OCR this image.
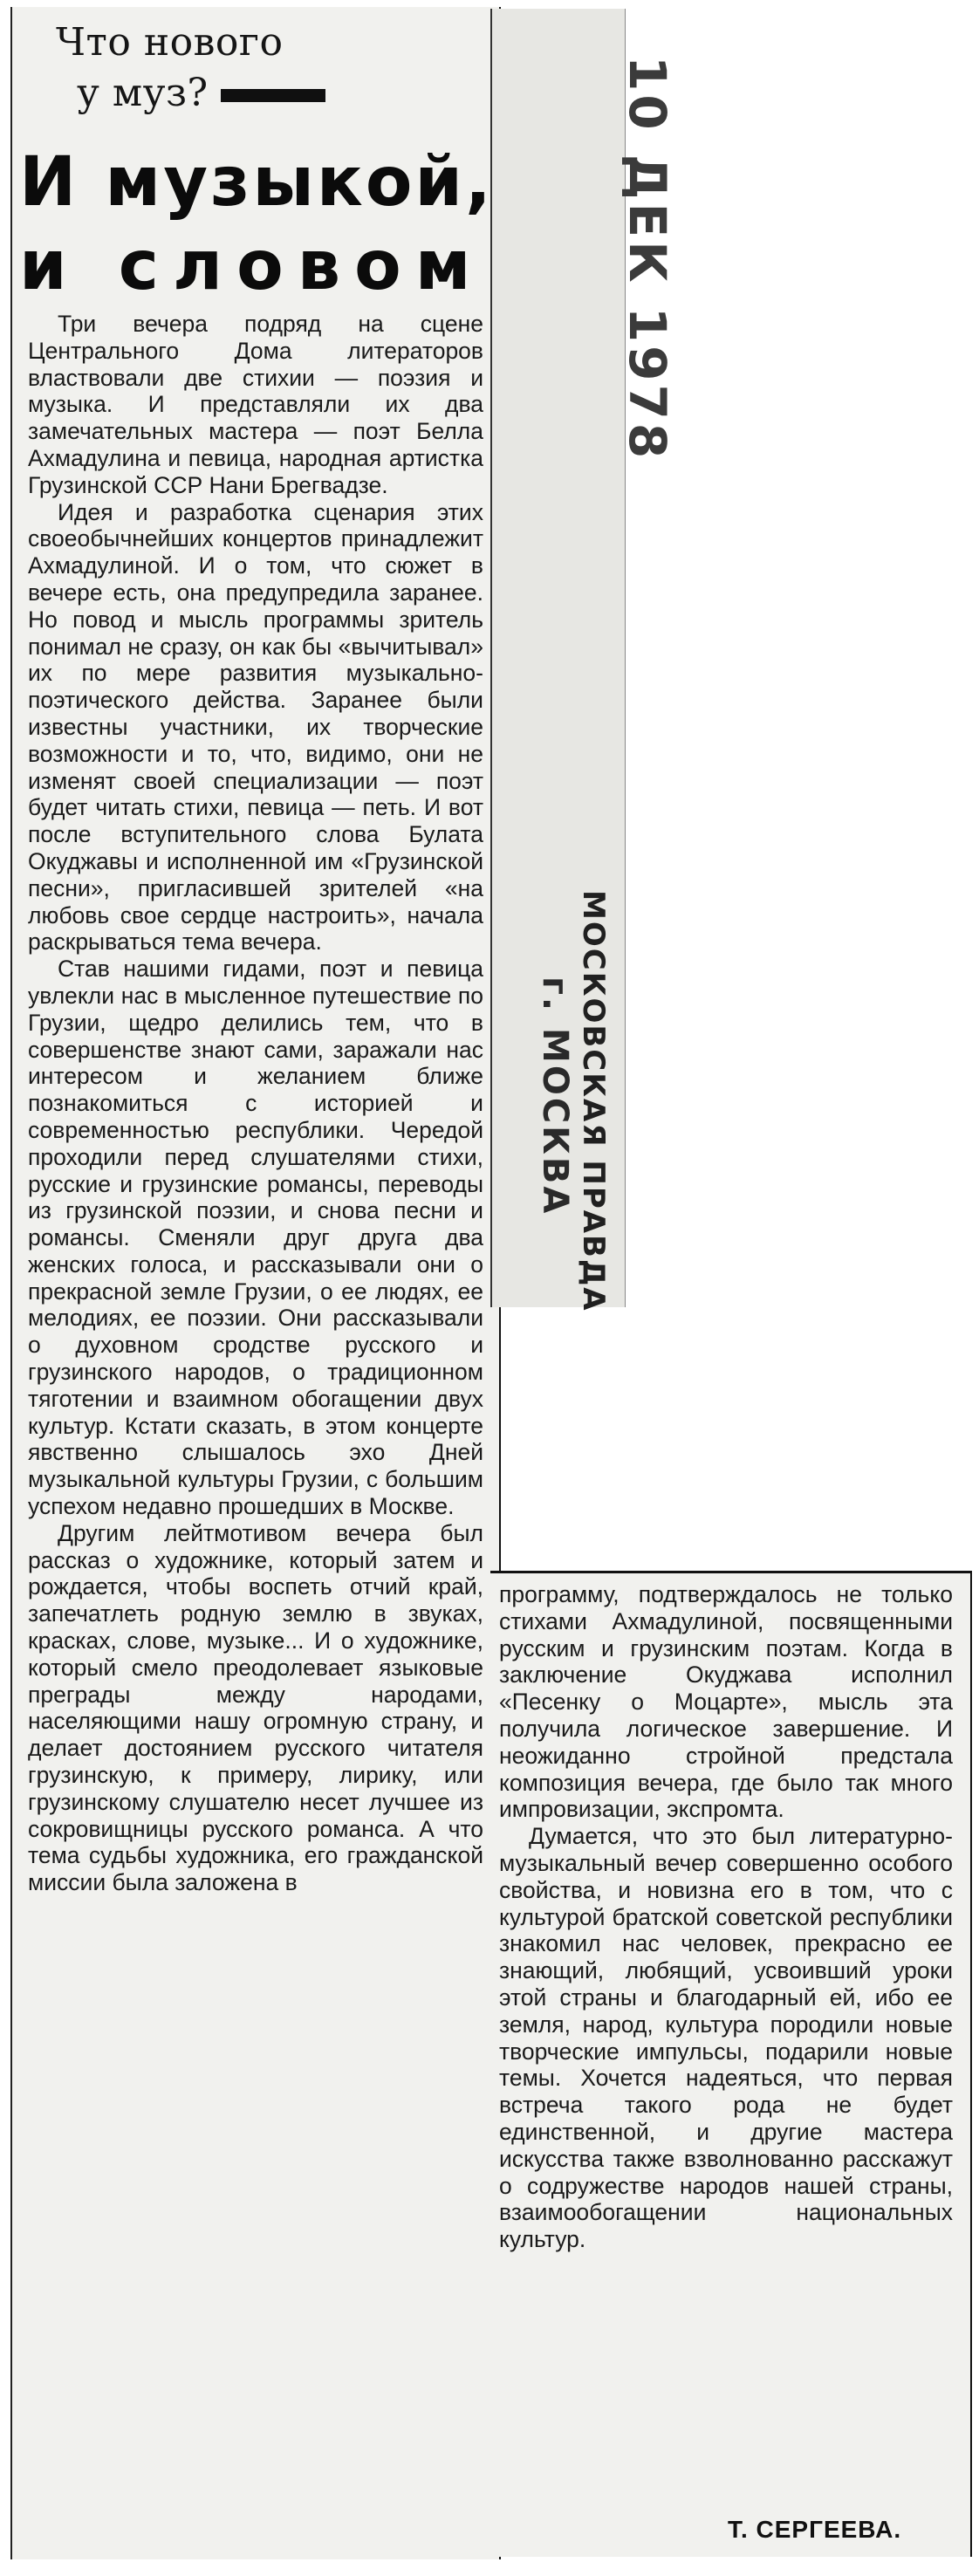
Что нового
у муз?
И музыкой,
и словом	10 ДЕК 1978
МОСКОВСКАЯ ПРАВДА
г. МОСКВА

Три вечера подряд на сцене Центрального Дома литераторов властвовали две стихии — поэзия и музыка. И представляли их два замечательных мастера — поэт Белла Ахмадулина и певица, народная артистка Грузинской ССР Нани Брегвадзе.

Идея и разработка сценария этих своеобычнейших концертов принадлежит Ахмадулиной. И о том, что сюжет в вечере есть, она предупредила заранее. Но повод и мысль программы зритель понимал не сразу, он как бы «вычитывал» их по мере развития музыкально-поэтического действа. Заранее были известны участники, их творческие возможности и то, что, видимо, они не изменят своей специализации — поэт будет читать стихи, певица — петь. И вот после вступительного слова Булата Окуджавы и исполненной им «Грузинской песни», пригласившей зрителей «на любовь свое сердце настроить», начала раскрываться тема вечера.

Став нашими гидами, поэт и певица увлекли нас в мысленное путешествие по Грузии, щедро делились тем, что в совершенстве знают сами, заражали нас интересом и желанием ближе познакомиться с историей и современностью республики. Чередой проходили перед слушателями стихи, русские и грузинские романсы, переводы из грузинской поэзии, и снова песни и романсы. Сменяли друг друга два женских голоса, и рассказывали они о прекрасной земле Грузии, о ее людях, ее мелодиях, ее поэзии. Они рассказывали о духовном сродстве русского и грузинского народов, о традиционном тяготении и взаимном обогащении двух культур. Кстати сказать, в этом концерте явственно слышалось эхо Дней музыкальной культуры Грузии, с большим успехом недавно прошедших в Москве.

Другим лейтмотивом вечера был рассказ о художнике, который затем и рождается, чтобы воспеть отчий край, запечатлеть родную землю в звуках, красках, слове, музыке... И о художнике, который смело преодолевает языковые преграды между народами, населяющими нашу огромную страну, и делает достоянием русского читателя грузинскую, к примеру, лирику, или грузинскому слушателю несет лучшее из сокровищницы русского романса. А что тема судьбы художника, его гражданской миссии была заложена в

программу, подтверждалось не только стихами Ахмадулиной, посвященными русским и грузинским поэтам. Когда в заключение Окуджава исполнил «Песенку о Моцарте», мысль эта получила логическое завершение. И неожиданно стройной предстала композиция вечера, где было так много импровизации, экспромта.

Думается, что это был литературно-музыкальный вечер совершенно особого свойства, и новизна его в том, что с культурой братской советской республики знакомил нас человек, прекрасно ее знающий, любящий, усвоивший уроки этой страны и благодарный ей, ибо ее земля, народ, культура породили новые творческие импульсы, подарили новые темы. Хочется надеяться, что первая встреча такого рода не будет единственной, и другие мастера искусства также взволнованно расскажут о содружестве народов нашей страны, взаимообогащении национальных культур.

Т. СЕРГЕЕВА.
